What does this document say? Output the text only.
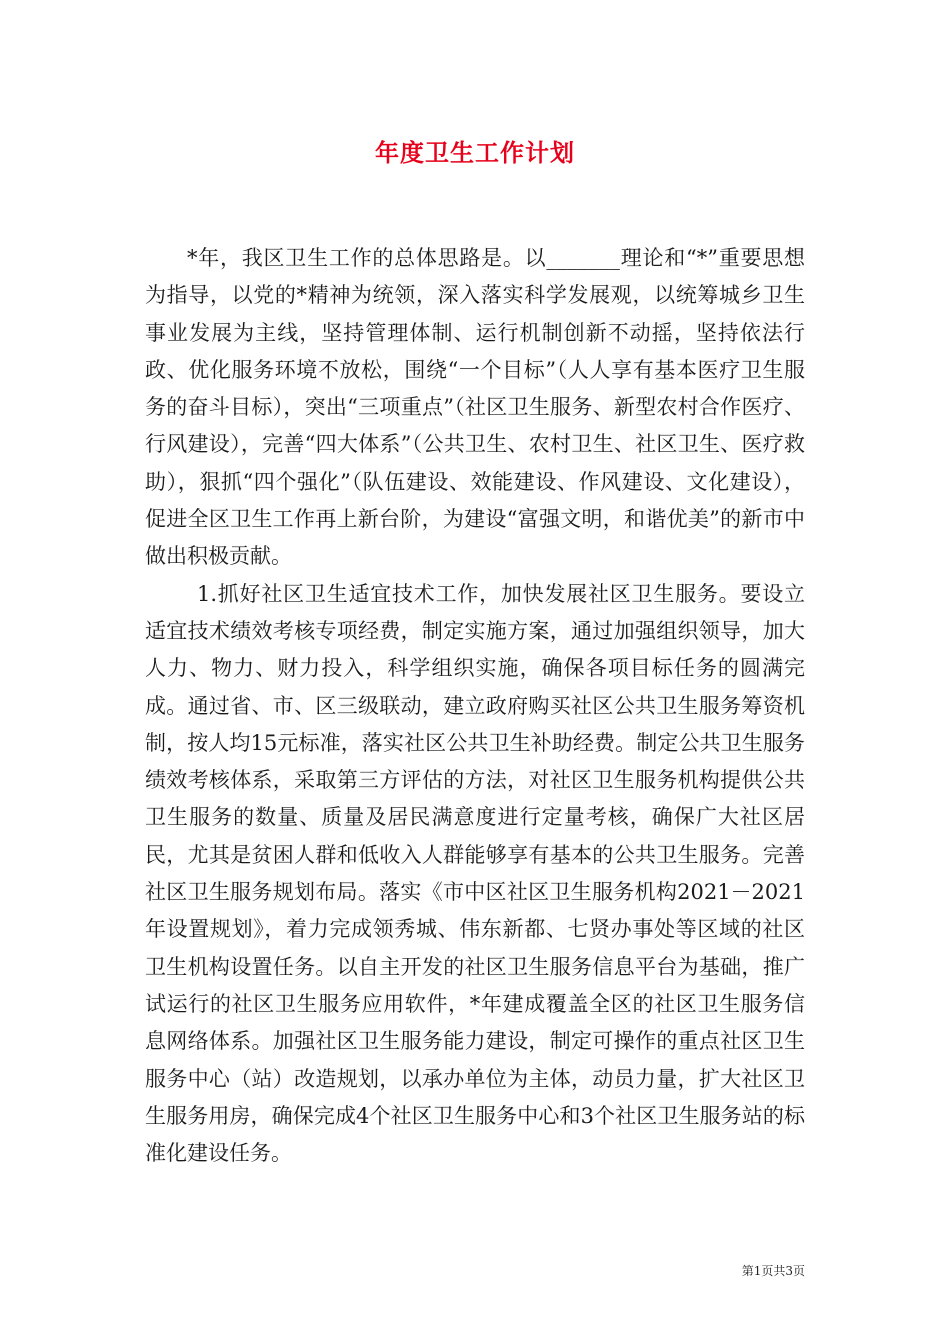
年度卫生工作计划

*年，我区卫生工作的总体思路是。以_______理论和“*”重要思想为指导，以党的*精神为统领，深入落实科学发展观，以统筹城乡卫生事业发展为主线，坚持管理体制、运行机制创新不动摇，坚持依法行政、优化服务环境不放松，围绕“一个目标”（人人享有基本医疗卫生服务的奋斗目标），突出“三项重点”（社区卫生服务、新型农村合作医疗、行风建设），完善“四大体系”（公共卫生、农村卫生、社区卫生、医疗救助），狠抓“四个强化”（队伍建设、效能建设、作风建设、文化建设），促进全区卫生工作再上新台阶，为建设“富强文明，和谐优美”的新市中做出积极贡献。

1.抓好社区卫生适宜技术工作，加快发展社区卫生服务。要设立适宜技术绩效考核专项经费，制定实施方案，通过加强组织领导，加大人力、物力、财力投入，科学组织实施，确保各项目标任务的圆满完成。通过省、市、区三级联动，建立政府购买社区公共卫生服务筹资机制，按人均15元标准，落实社区公共卫生补助经费。制定公共卫生服务绩效考核体系，采取第三方评估的方法，对社区卫生服务机构提供公共卫生服务的数量、质量及居民满意度进行定量考核，确保广大社区居民，尤其是贫困人群和低收入人群能够享有基本的公共卫生服务。完善社区卫生服务规划布局。落实《市中区社区卫生服务机构2021－2021年设置规划》，着力完成领秀城、伟东新都、七贤办事处等区域的社区卫生机构设置任务。以自主开发的社区卫生服务信息平台为基础，推广试运行的社区卫生服务应用软件，*年建成覆盖全区的社区卫生服务信息网络体系。加强社区卫生服务能力建设，制定可操作的重点社区卫生服务中心（站）改造规划，以承办单位为主体，动员力量，扩大社区卫生服务用房，确保完成4个社区卫生服务中心和3个社区卫生服务站的标准化建设任务。

第1页共3页
